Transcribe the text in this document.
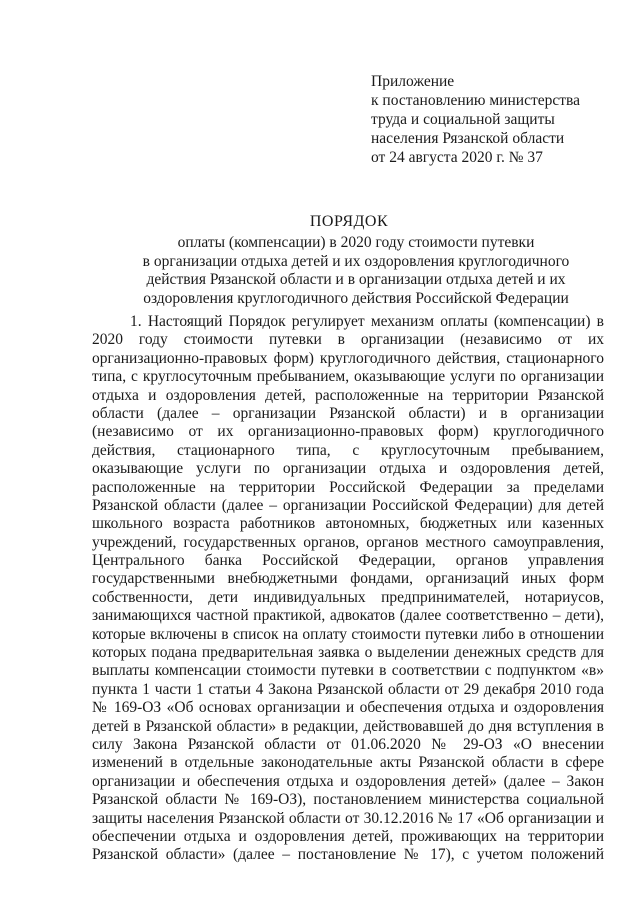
Приложение
к постановлению министерства
труда и социальной защиты
населения Рязанской области
от 24 августа 2020 г. № 37
ПОРЯДОК
оплаты (компенсации) в 2020 году стоимости путевки
в организации отдыха детей и их оздоровления круглогодичного
действия Рязанской области и в организации отдыха детей и их
оздоровления круглогодичного действия Российской Федерации
1. Настоящий Порядок регулирует механизм оплаты (компенсации) в
2020 году стоимости путевки в организации (независимо от их
организационно-правовых форм) круглогодичного действия, стационарного
типа, с круглосуточным пребыванием, оказывающие услуги по организации
отдыха и оздоровления детей, расположенные на территории Рязанской
области (далее – организации Рязанской области) и в организации
(независимо от их организационно-правовых форм) круглогодичного
действия, стационарного типа, с круглосуточным пребыванием,
оказывающие услуги по организации отдыха и оздоровления детей,
расположенные на территории Российской Федерации за пределами
Рязанской области (далее – организации Российской Федерации) для детей
школьного возраста работников автономных, бюджетных или казенных
учреждений, государственных органов, органов местного самоуправления,
Центрального банка Российской Федерации, органов управления
государственными внебюджетными фондами, организаций иных форм
собственности, дети индивидуальных предпринимателей, нотариусов,
занимающихся частной практикой, адвокатов (далее соответственно – дети),
которые включены в список на оплату стоимости путевки либо в отношении
которых подана предварительная заявка о выделении денежных средств для
выплаты компенсации стоимости путевки в соответствии с подпунктом «в»
пункта 1 части 1 статьи 4 Закона Рязанской области от 29 декабря 2010 года
№ 169-ОЗ «Об основах организации и обеспечения отдыха и оздоровления
детей в Рязанской области» в редакции, действовавшей до дня вступления в
силу Закона Рязанской области от 01.06.2020 № 29-ОЗ «О внесении
изменений в отдельные законодательные акты Рязанской области в сфере
организации и обеспечения отдыха и оздоровления детей» (далее – Закон
Рязанской области № 169-ОЗ), постановлением министерства социальной
защиты населения Рязанской области от 30.12.2016 № 17 «Об организации и
обеспечении отдыха и оздоровления детей, проживающих на территории
Рязанской области» (далее – постановление № 17), с учетом положений
